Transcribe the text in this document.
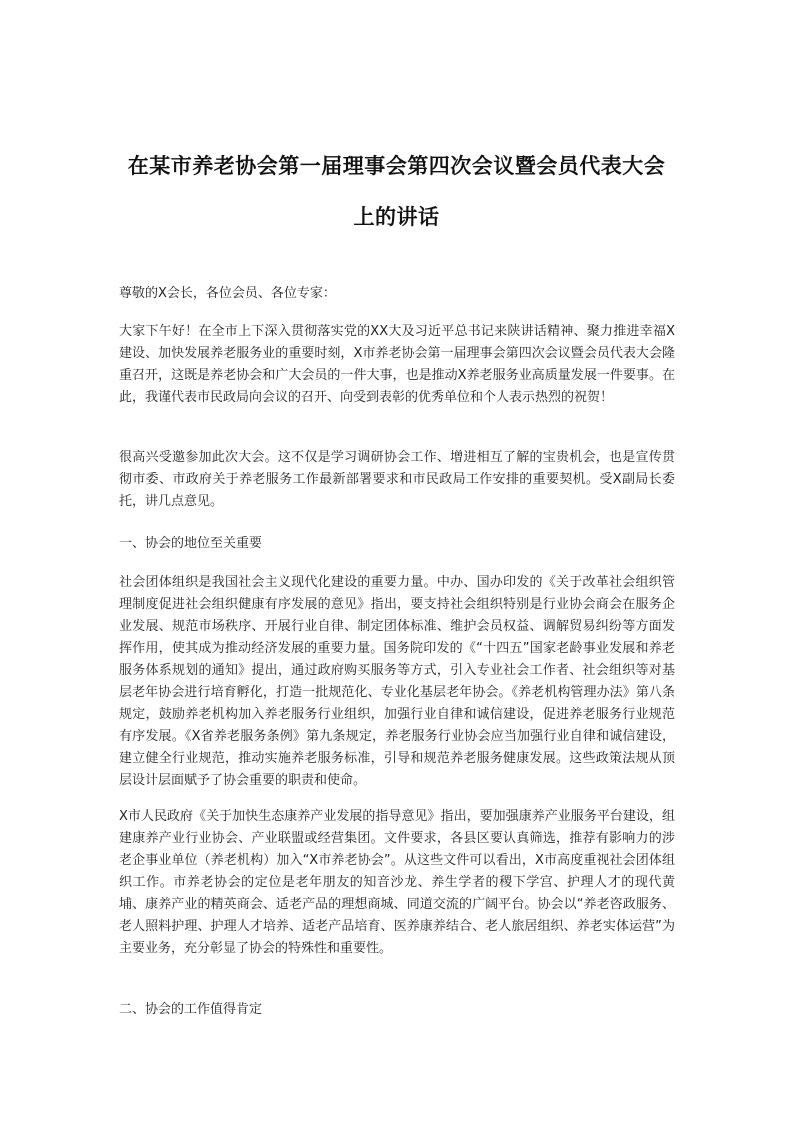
在某市养老协会第一届理事会第四次会议暨会员代表大会
上的讲话
尊敬的X会长，各位会员、各位专家：
大家下午好！在全市上下深入贯彻落实党的XX大及习近平总书记来陕讲话精神、聚力推进幸福X建设、加快发展养老服务业的重要时刻，X市养老协会第一届理事会第四次会议暨会员代表大会隆重召开，这既是养老协会和广大会员的一件大事，也是推动X养老服务业高质量发展一件要事。在此，我谨代表市民政局向会议的召开、向受到表彰的优秀单位和个人表示热烈的祝贺！
很高兴受邀参加此次大会。这不仅是学习调研协会工作、增进相互了解的宝贵机会，也是宣传贯彻市委、市政府关于养老服务工作最新部署要求和市民政局工作安排的重要契机。受X副局长委托，讲几点意见。
一、协会的地位至关重要
社会团体组织是我国社会主义现代化建设的重要力量。中办、国办印发的《关于改革社会组织管理制度促进社会组织健康有序发展的意见》指出，要支持社会组织特别是行业协会商会在服务企业发展、规范市场秩序、开展行业自律、制定团体标准、维护会员权益、调解贸易纠纷等方面发挥作用，使其成为推动经济发展的重要力量。国务院印发的《“十四五”国家老龄事业发展和养老服务体系规划的通知》提出，通过政府购买服务等方式，引入专业社会工作者、社会组织等对基层老年协会进行培育孵化，打造一批规范化、专业化基层老年协会。《养老机构管理办法》第八条规定，鼓励养老机构加入养老服务行业组织，加强行业自律和诚信建设，促进养老服务行业规范有序发展。《X省养老服务条例》第九条规定，养老服务行业协会应当加强行业自律和诚信建设，建立健全行业规范，推动实施养老服务标准，引导和规范养老服务健康发展。这些政策法规从顶层设计层面赋予了协会重要的职责和使命。
X市人民政府《关于加快生态康养产业发展的指导意见》指出，要加强康养产业服务平台建设，组建康养产业行业协会、产业联盟或经营集团。文件要求，各县区要认真筛选，推荐有影响力的涉老企事业单位（养老机构）加入“X市养老协会”。从这些文件可以看出，X市高度重视社会团体组织工作。市养老协会的定位是老年朋友的知音沙龙、养生学者的稷下学宫、护理人才的现代黄埔、康养产业的精英商会、适老产品的理想商城、同道交流的广阔平台。协会以“养老咨政服务、老人照料护理、护理人才培养、适老产品培育、医养康养结合、老人旅居组织、养老实体运营”为主要业务，充分彰显了协会的特殊性和重要性。
二、协会的工作值得肯定
